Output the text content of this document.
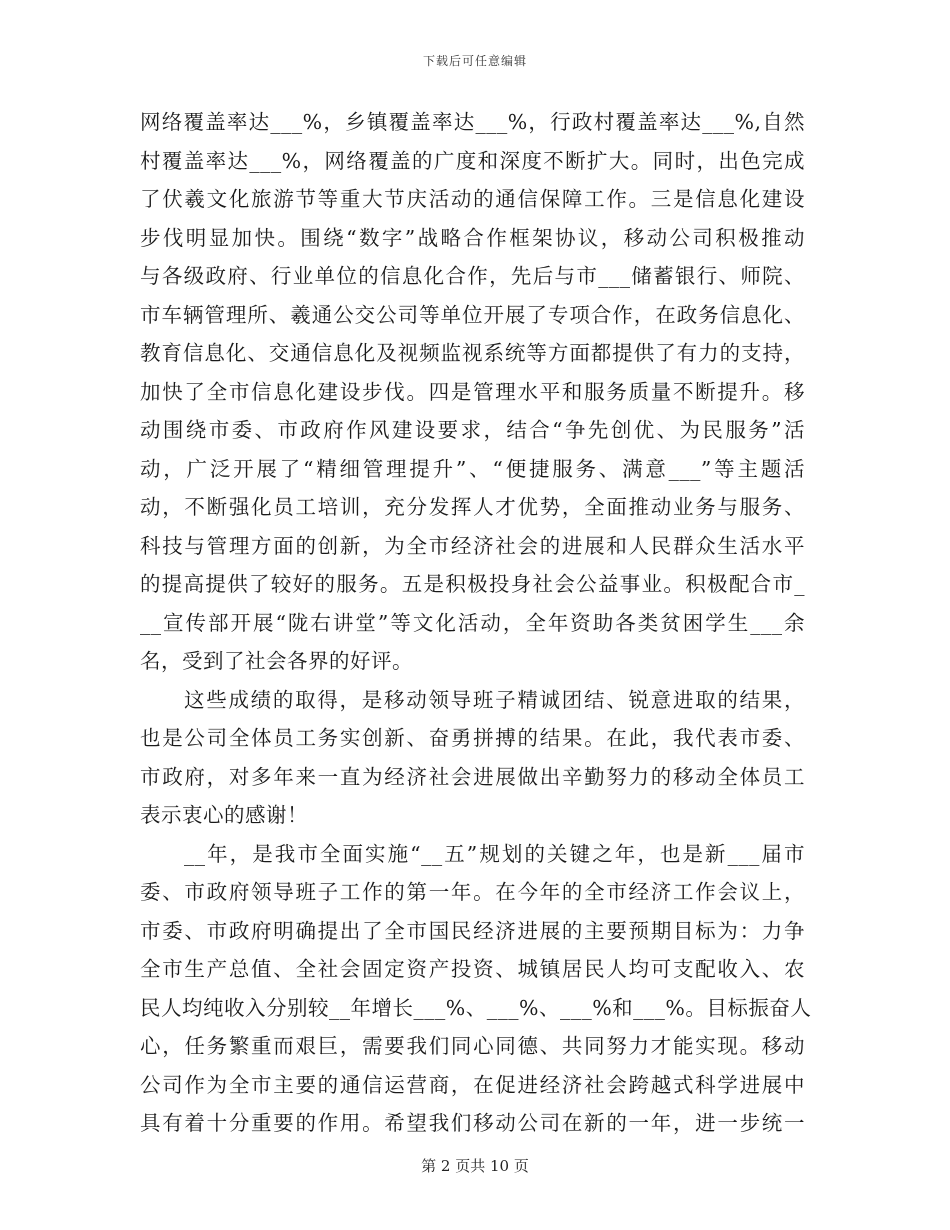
下载后可任意编辑
网络覆盖率达___%，乡镇覆盖率达___%，行政村覆盖率达___%,自然
村覆盖率达___%，网络覆盖的广度和深度不断扩大。同时，出色完成
了伏羲文化旅游节等重大节庆活动的通信保障工作。三是信息化建设
步伐明显加快。围绕“数字”战略合作框架协议，移动公司积极推动
与各级政府、行业单位的信息化合作，先后与市___储蓄银行、师院、
市车辆管理所、羲通公交公司等单位开展了专项合作，在政务信息化、
教育信息化、交通信息化及视频监视系统等方面都提供了有力的支持，
加快了全市信息化建设步伐。四是管理水平和服务质量不断提升。移
动围绕市委、市政府作风建设要求，结合“争先创优、为民服务”活
动，广泛开展了“精细管理提升”、“便捷服务、满意___”等主题活
动，不断强化员工培训，充分发挥人才优势，全面推动业务与服务、
科技与管理方面的创新，为全市经济社会的进展和人民群众生活水平
的提高提供了较好的服务。五是积极投身社会公益事业。积极配合市_
__宣传部开展“陇右讲堂”等文化活动，全年资助各类贫困学生___余
名，受到了社会各界的好评。
这些成绩的取得，是移动领导班子精诚团结、锐意进取的结果，
也是公司全体员工务实创新、奋勇拼搏的结果。在此，我代表市委、
市政府，对多年来一直为经济社会进展做出辛勤努力的移动全体员工
表示衷心的感谢！
__年，是我市全面实施“__五”规划的关键之年，也是新___届市
委、市政府领导班子工作的第一年。在今年的全市经济工作会议上，
市委、市政府明确提出了全市国民经济进展的主要预期目标为：力争
全市生产总值、全社会固定资产投资、城镇居民人均可支配收入、农
民人均纯收入分别较__年增长___%、___%、___%和___%。目标振奋人
心，任务繁重而艰巨，需要我们同心同德、共同努力才能实现。移动
公司作为全市主要的通信运营商，在促进经济社会跨越式科学进展中
具有着十分重要的作用。希望我们移动公司在新的一年，进一步统一
第 2 页共 10 页
